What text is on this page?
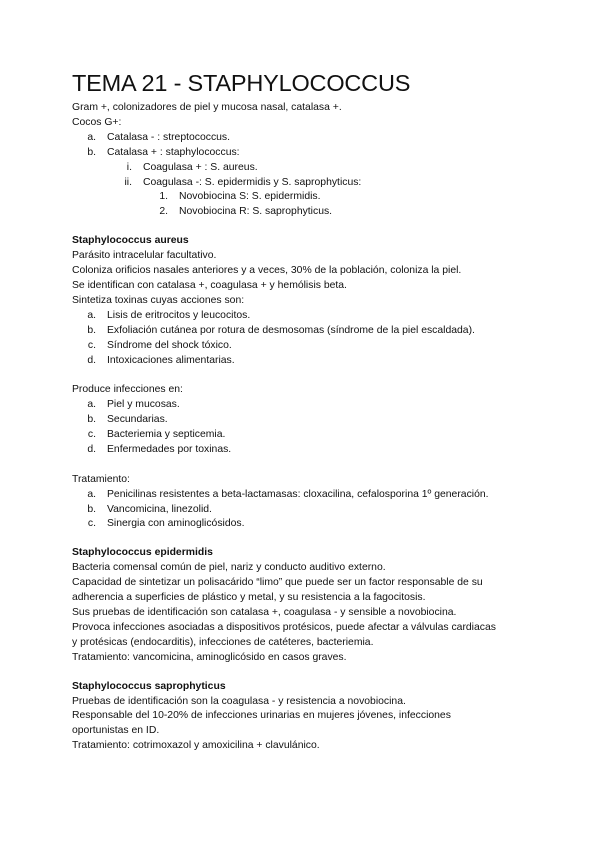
TEMA 21 - STAPHYLOCOCCUS
Gram +, colonizadores de piel y mucosa nasal, catalasa +.
Cocos G+:
a. Catalasa - : streptococcus.
b. Catalasa + : staphylococcus:
i. Coagulasa + : S. aureus.
ii. Coagulasa -: S. epidermidis y S. saprophyticus:
1. Novobiocina S: S. epidermidis.
2. Novobiocina R: S. saprophyticus.
Staphylococcus aureus
Parásito intracelular facultativo.
Coloniza orificios nasales anteriores y a veces, 30% de la población, coloniza la piel.
Se identifican con catalasa +, coagulasa + y hemólisis beta.
Sintetiza toxinas cuyas acciones son:
a. Lisis de eritrocitos y leucocitos.
b. Exfoliación cutánea por rotura de desmosomas (síndrome de la piel escaldada).
c. Síndrome del shock tóxico.
d. Intoxicaciones alimentarias.
Produce infecciones en:
a. Piel y mucosas.
b. Secundarias.
c. Bacteriemia y septicemia.
d. Enfermedades por toxinas.
Tratamiento:
a. Penicilinas resistentes a beta-lactamasas: cloxacilina, cefalosporina 1º generación.
b. Vancomicina, linezolid.
c. Sinergia con aminoglicósidos.
Staphylococcus epidermidis
Bacteria comensal común de piel, nariz y conducto auditivo externo.
Capacidad de sintetizar un polisacárido “limo” que puede ser un factor responsable de su
adherencia a superficies de plástico y metal, y su resistencia a la fagocitosis.
Sus pruebas de identificación son catalasa +, coagulasa - y sensible a novobiocina.
Provoca infecciones asociadas a dispositivos protésicos, puede afectar a válvulas cardiacas
y protésicas (endocarditis), infecciones de catéteres, bacteriemia.
Tratamiento: vancomicina, aminoglicósido en casos graves.
Staphylococcus saprophyticus
Pruebas de identificación son la coagulasa - y resistencia a novobiocina.
Responsable del 10-20% de infecciones urinarias en mujeres jóvenes, infecciones
oportunistas en ID.
Tratamiento: cotrimoxazol y amoxicilina + clavulánico.
